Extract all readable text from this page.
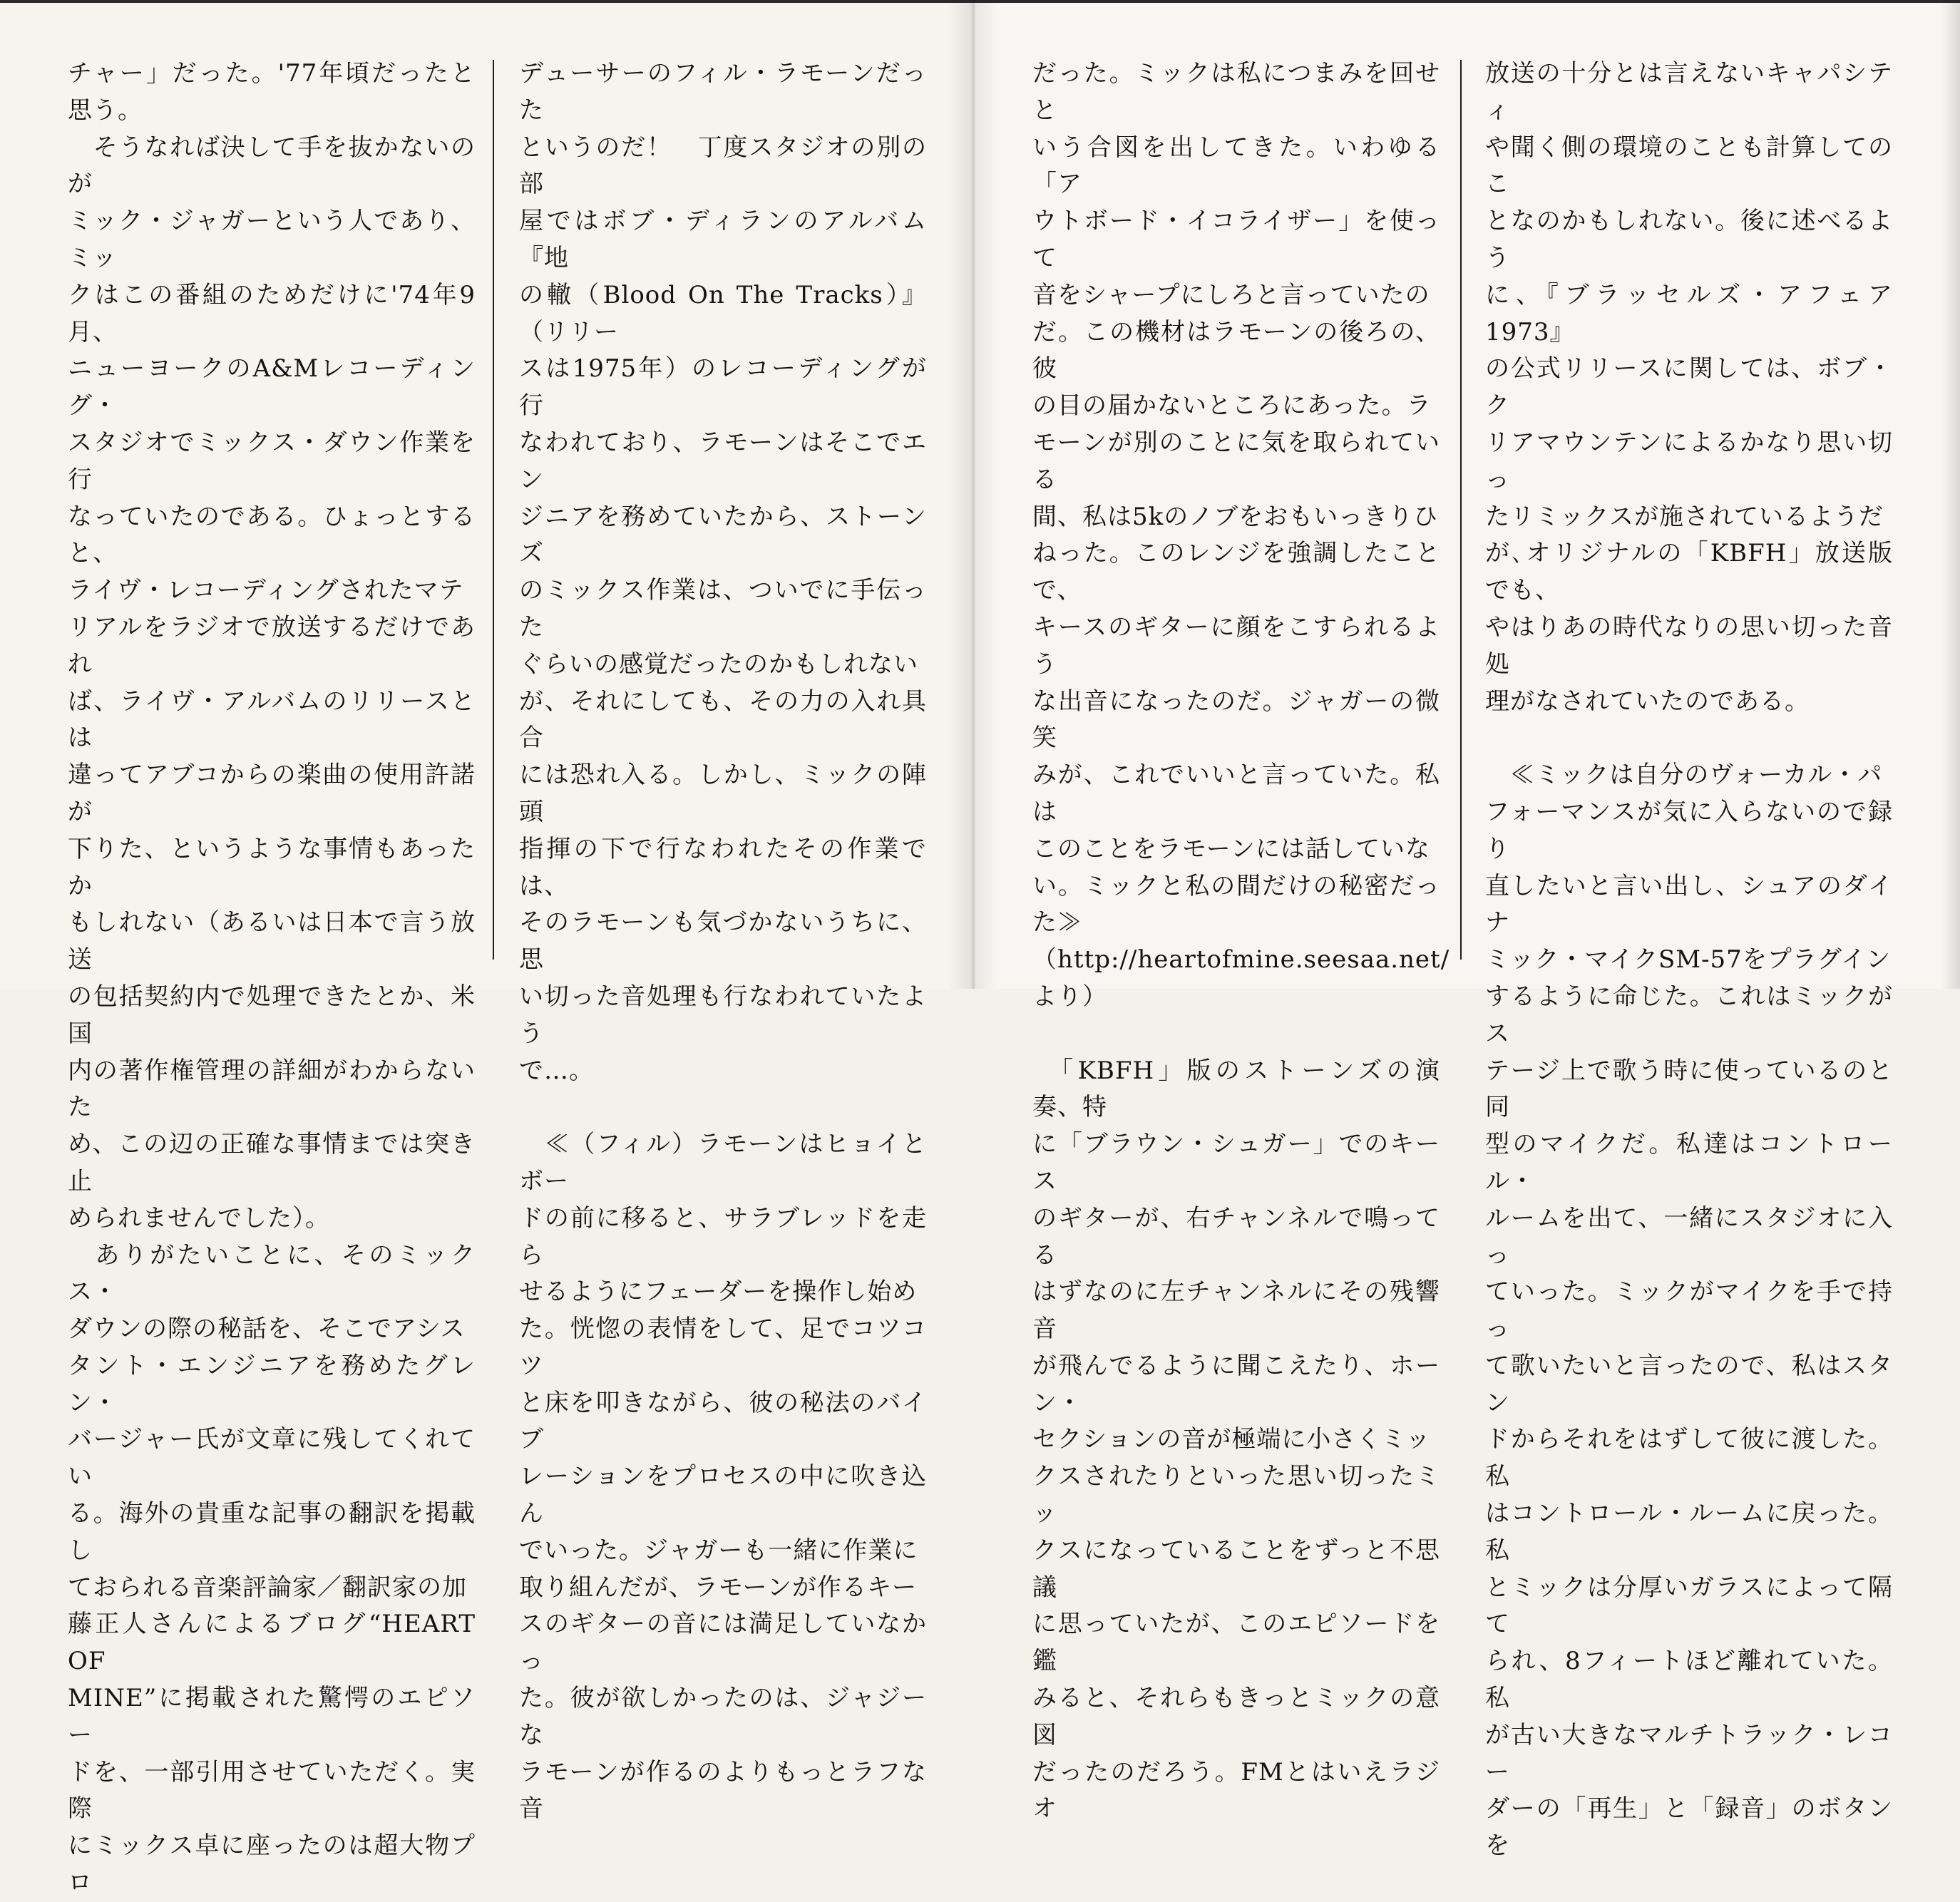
チャー」だった。'77年頃だったと思う。
　そうなれば決して手を抜かないのが
ミック・ジャガーという人であり、ミッ
クはこの番組のためだけに'74年9月、
ニューヨークのA&Mレコーディング・
スタジオでミックス・ダウン作業を行
なっていたのである。ひょっとすると、
ライヴ・レコーディングされたマテ
リアルをラジオで放送するだけであれ
ば、ライヴ・アルバムのリリースとは
違ってアブコからの楽曲の使用許諾が
下りた、というような事情もあったか
もしれない（あるいは日本で言う放送
の包括契約内で処理できたとか、米国
内の著作権管理の詳細がわからないた
め、この辺の正確な事情までは突き止
められませんでした）。
　ありがたいことに、そのミックス・
ダウンの際の秘話を、そこでアシス
タント・エンジニアを務めたグレン・
バージャー氏が文章に残してくれてい
る。海外の貴重な記事の翻訳を掲載し
ておられる音楽評論家／翻訳家の加
藤正人さんによるブログ“HEART OF
MINE”に掲載された驚愕のエピソー
ドを、一部引用させていただく。実際
にミックス卓に座ったのは超大物プロ
デューサーのフィル・ラモーンだった
というのだ！　丁度スタジオの別の部
屋ではボブ・ディランのアルバム『地
の轍（Blood On The Tracks）』（リリー
スは1975年）のレコーディングが行
なわれており、ラモーンはそこでエン
ジニアを務めていたから、ストーンズ
のミックス作業は、ついでに手伝った
ぐらいの感覚だったのかもしれない
が、それにしても、その力の入れ具合
には恐れ入る。しかし、ミックの陣頭
指揮の下で行なわれたその作業では、
そのラモーンも気づかないうちに、思
い切った音処理も行なわれていたよう
で…。

　≪（フィル）ラモーンはヒョイとボー
ドの前に移ると、サラブレッドを走ら
せるようにフェーダーを操作し始め
た。恍惚の表情をして、足でコツコツ
と床を叩きながら、彼の秘法のバイブ
レーションをプロセスの中に吹き込ん
でいった。ジャガーも一緒に作業に
取り組んだが、ラモーンが作るキー
スのギターの音には満足していなかっ
た。彼が欲しかったのは、ジャジーな
ラモーンが作るのよりもっとラフな音
だった。ミックは私につまみを回せと
いう合図を出してきた。いわゆる「ア
ウトボード・イコライザー」を使って
音をシャープにしろと言っていたの
だ。この機材はラモーンの後ろの、彼
の目の届かないところにあった。ラ
モーンが別のことに気を取られている
間、私は5kのノブをおもいっきりひ
ねった。このレンジを強調したことで、
キースのギターに顔をこすられるよう
な出音になったのだ。ジャガーの微笑
みが、これでいいと言っていた。私は
このことをラモーンには話していな
い。ミックと私の間だけの秘密だった≫
（http://heartofmine.seesaa.net/ より）

　「KBFH」版のストーンズの演奏、特
に「ブラウン・シュガー」でのキース
のギターが、右チャンネルで鳴ってる
はずなのに左チャンネルにその残響音
が飛んでるように聞こえたり、ホーン・
セクションの音が極端に小さくミッ
クスされたりといった思い切ったミッ
クスになっていることをずっと不思議
に思っていたが、このエピソードを鑑
みると、それらもきっとミックの意図
だったのだろう。FMとはいえラジオ
放送の十分とは言えないキャパシティ
や聞く側の環境のことも計算してのこ
となのかもしれない。後に述べるよう
に、『ブラッセルズ・アフェア 1973』
の公式リリースに関しては、ボブ・ク
リアマウンテンによるかなり思い切っ
たリミックスが施されているようだ
が､オリジナルの「KBFH」放送版でも、
やはりあの時代なりの思い切った音処
理がなされていたのである。

　≪ミックは自分のヴォーカル・パ
フォーマンスが気に入らないので録り
直したいと言い出し、シュアのダイナ
ミック・マイクSM-57をプラグイン
するように命じた。これはミックがス
テージ上で歌う時に使っているのと同
型のマイクだ。私達はコントロール・
ルームを出て、一緒にスタジオに入っ
ていった。ミックがマイクを手で持っ
て歌いたいと言ったので、私はスタン
ドからそれをはずして彼に渡した。私
はコントロール・ルームに戻った。私
とミックは分厚いガラスによって隔て
られ、8フィートほど離れていた。私
が古い大きなマルチトラック・レコー
ダーの「再生」と「録音」のボタンを
